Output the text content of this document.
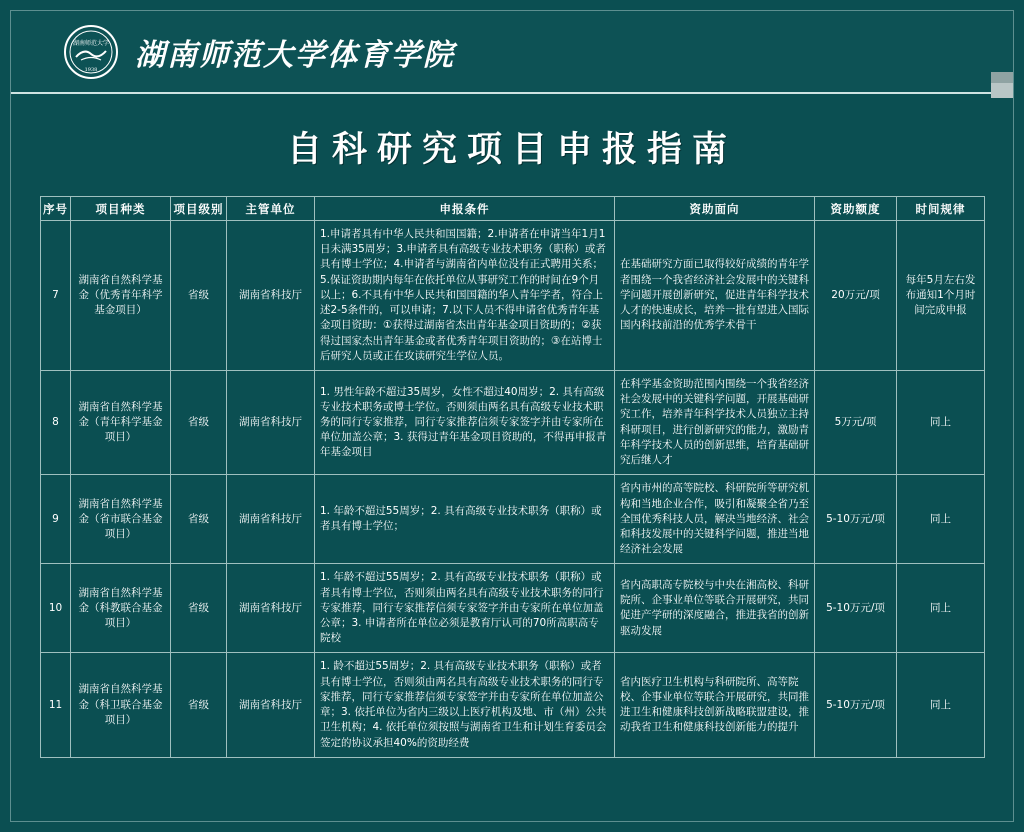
湖南师范大学
1938 湖南师范大学体育学院
自科研究项目申报指南
序号	项目种类	项目级别	主管单位	申报条件	资助面向	资助额度	时间规律
7	湖南省自然科学基金（优秀青年科学基金项目）	省级	湖南省科技厅	1.申请者具有中华人民共和国国籍；2.申请者在申请当年1月1日未满35周岁；3.申请者具有高级专业技术职务（职称）或者具有博士学位；4.申请者与湖南省内单位没有正式聘用关系；5.保证资助期内每年在依托单位从事研究工作的时间在9个月以上；6.不具有中华人民共和国国籍的华人青年学者，符合上述2-5条件的，可以申请；7.以下人员不得申请省优秀青年基金项目资助：①获得过湖南省杰出青年基金项目资助的；②获得过国家杰出青年基金或者优秀青年项目资助的；③在站博士后研究人员或正在攻读研究生学位人员。	在基础研究方面已取得较好成绩的青年学者围绕一个我省经济社会发展中的关键科学问题开展创新研究，促进青年科学技术人才的快速成长，培养一批有望进入国际国内科技前沿的优秀学术骨干	20万元/项	每年5月左右发布通知1个月时间完成申报
8	湖南省自然科学基金（青年科学基金项目）	省级	湖南省科技厅	1. 男性年龄不超过35周岁，女性不超过40周岁；2. 具有高级专业技术职务或博士学位。否则须由两名具有高级专业技术职务的同行专家推荐，同行专家推荐信须专家签字并由专家所在单位加盖公章；3. 获得过青年基金项目资助的，不得再申报青年基金项目	在科学基金资助范围内围绕一个我省经济社会发展中的关键科学问题，开展基础研究工作，培养青年科学技术人员独立主持科研项目，进行创新研究的能力，激励青年科学技术人员的创新思维，培育基础研究后继人才	5万元/项	同上
9	湖南省自然科学基金（省市联合基金项目）	省级	湖南省科技厅	1. 年龄不超过55周岁；2. 具有高级专业技术职务（职称）或者具有博士学位；	省内市州的高等院校、科研院所等研究机构和当地企业合作，吸引和凝聚全省乃至全国优秀科技人员，解决当地经济、社会和科技发展中的关键科学问题，推进当地经济社会发展	5-10万元/项	同上
10	湖南省自然科学基金（科教联合基金项目）	省级	湖南省科技厅	1. 年龄不超过55周岁；2. 具有高级专业技术职务（职称）或者具有博士学位，否则须由两名具有高级专业技术职务的同行专家推荐，同行专家推荐信须专家签字并由专家所在单位加盖公章；3. 申请者所在单位必须是教育厅认可的70所高职高专院校	省内高职高专院校与中央在湘高校、科研院所、企事业单位等联合开展研究，共同促进产学研的深度融合，推进我省的创新驱动发展	5-10万元/项	同上
11	湖南省自然科学基金（科卫联合基金项目）	省级	湖南省科技厅	1. 龄不超过55周岁；2. 具有高级专业技术职务（职称）或者具有博士学位，否则须由两名具有高级专业技术职务的同行专家推荐，同行专家推荐信须专家签字并由专家所在单位加盖公章；3. 依托单位为省内三级以上医疗机构及地、市（州）公共卫生机构；4. 依托单位须按照与湖南省卫生和计划生育委员会签定的协议承担40%的资助经费	省内医疗卫生机构与科研院所、高等院校、企事业单位等联合开展研究，共同推进卫生和健康科技创新战略联盟建设，推动我省卫生和健康科技创新能力的提升	5-10万元/项	同上
